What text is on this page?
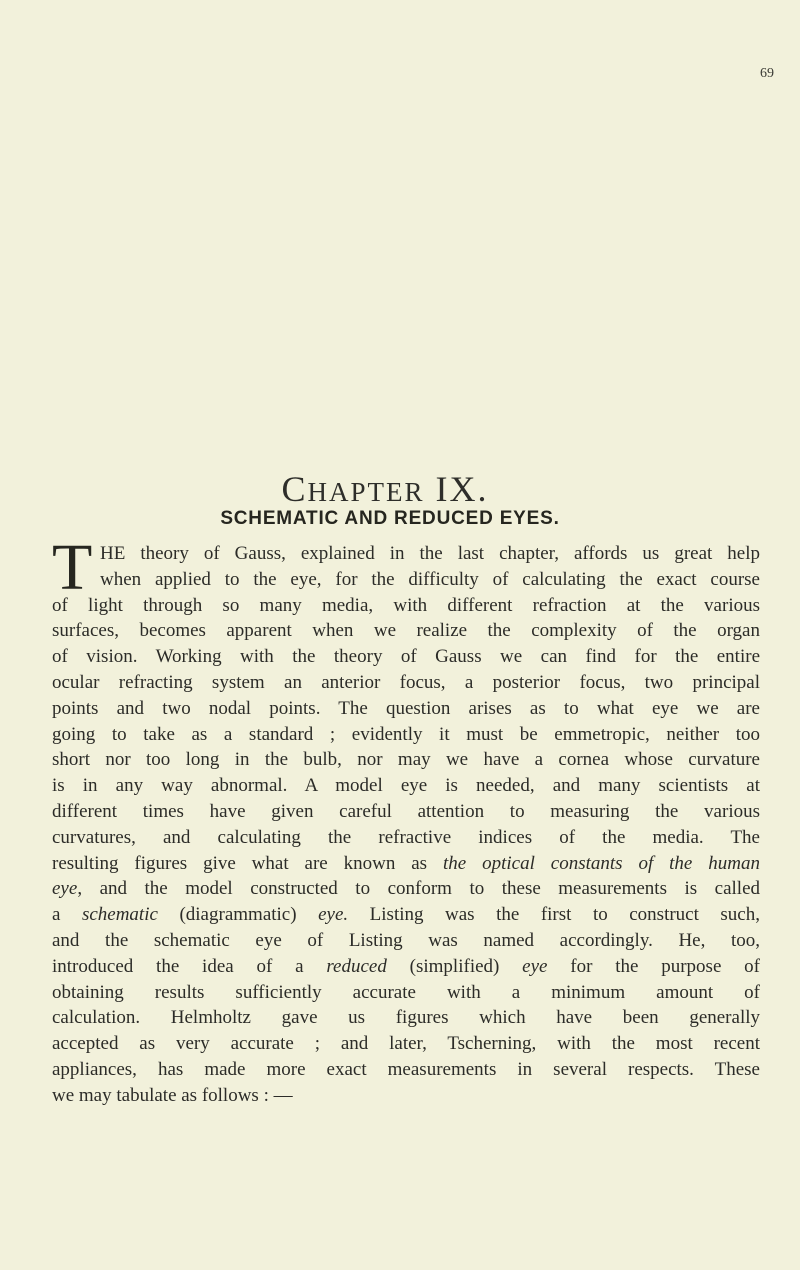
69
CHAPTER IX.
SCHEMATIC AND REDUCED EYES.
T HE theory of Gauss, explained in the last chapter, affords us great help
when applied to the eye, for the difficulty of calculating the exact course
of light through so many media, with different refraction at the various
surfaces, becomes apparent when we realize the complexity of the organ
of vision. Working with the theory of Gauss we can find for the entire
ocular refracting system an anterior focus, a posterior focus, two principal
points and two nodal points. The question arises as to what eye we are
going to take as a standard ; evidently it must be emmetropic, neither too
short nor too long in the bulb, nor may we have a cornea whose curvature
is in any way abnormal. A model eye is needed, and many scientists at
different times have given careful attention to measuring the various
curvatures, and calculating the refractive indices of the media. The
resulting figures give what are known as the optical constants of the human
eye, and the model constructed to conform to these measurements is called
a schematic (diagrammatic) eye. Listing was the first to construct such,
and the schematic eye of Listing was named accordingly. He, too,
introduced the idea of a reduced (simplified) eye for the purpose of
obtaining results sufficiently accurate with a minimum amount of
calculation. Helmholtz gave us figures which have been generally
accepted as very accurate ; and later, Tscherning, with the most recent
appliances, has made more exact measurements in several respects. These
we may tabulate as follows : —
